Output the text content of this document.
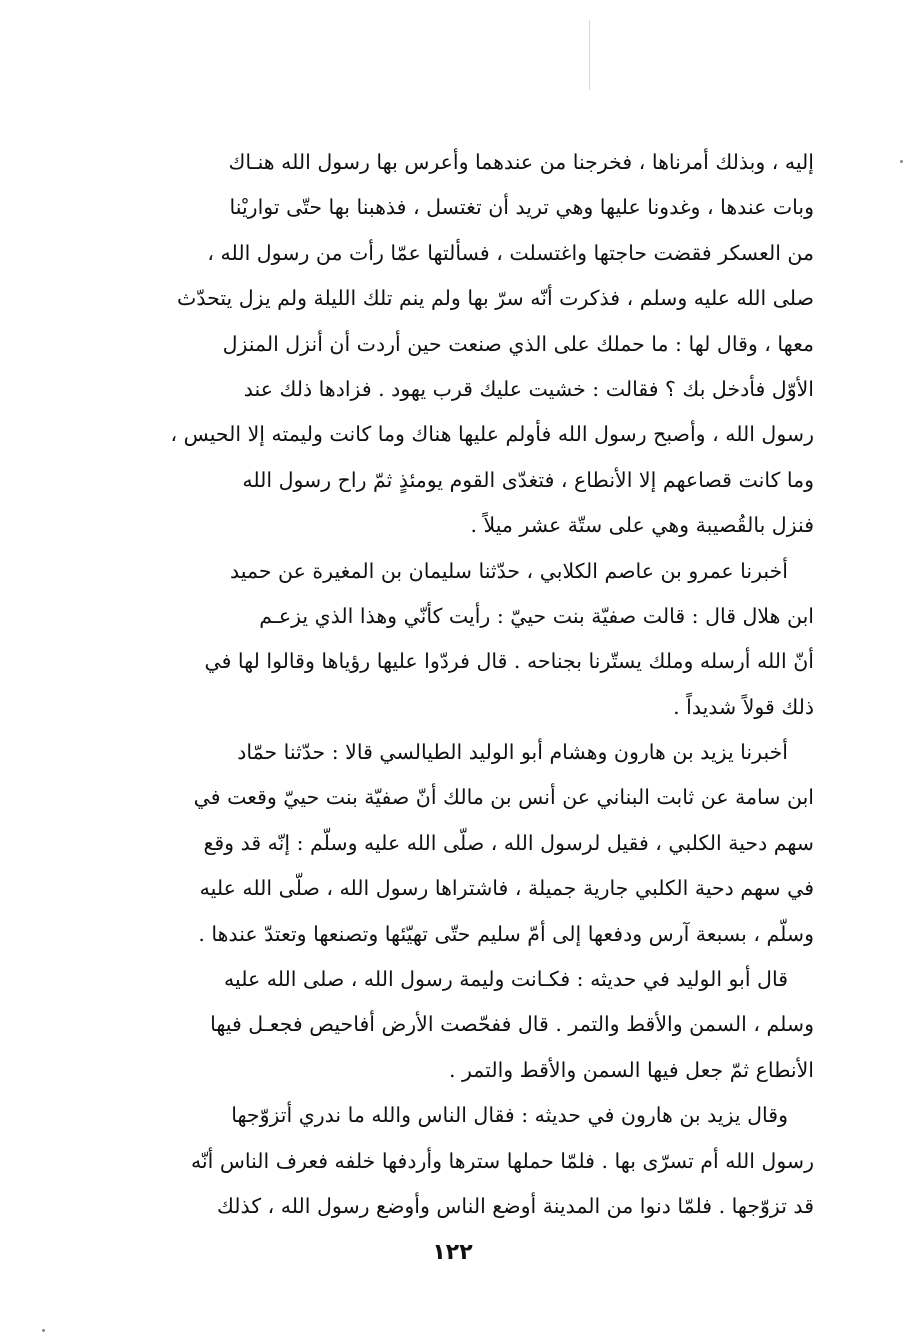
إليه ، وبذلك أمرناها ، فخرجنا من عندهما وأعرس بها رسول الله هنـاك
وبات عندها ، وغدونا عليها وهي تريد أن تغتسل ، فذهبنا بها حتّى تواريْنا
من العسكر فقضت حاجتها واغتسلت ، فسألتها عمّا رأت من رسول الله ،
صلى الله عليه وسلم ، فذكرت أنّه سرّ بها ولم ينم تلك الليلة ولم يزل يتحدّث
معها ، وقال لها : ما حملك على الذي صنعت حين أردت أن أنزل المنزل
الأوّل فأدخل بك ؟ فقالت : خشيت عليك قرب يهود . فزادها ذلك عند
رسول الله ، وأصبح رسول الله فأولم عليها هناك وما كانت وليمته إلا الحيس ،
وما كانت قصاعهم إلا الأنطاع ، فتغدّى القوم يومئذٍ ثمّ راح رسول الله
فنزل بالقُصيبة وهي على ستّة عشر ميلاً .
أخبرنا عمرو بن عاصم الكلابي ، حدّثنا سليمان بن المغيرة عن حميد
ابن هلال قال : قالت صفيّة بنت حييّ : رأيت كأنّي وهذا الذي يزعـم
أنّ الله أرسله وملك يستّرنا بجناحه . قال فردّوا عليها رؤياها وقالوا لها في
ذلك قولاً شديداً .
أخبرنا يزيد بن هارون وهشام أبو الوليد الطيالسي قالا : حدّثنا حمّاد
ابن سامة عن ثابت البناني عن أنس بن مالك أنّ صفيّة بنت حييّ وقعت في
سهم دحية الكلبي ، فقيل لرسول الله ، صلّى الله عليه وسلّم : إنّه قد وقع
في سهم دحية الكلبي جارية جميلة ، فاشتراها رسول الله ، صلّى الله عليه
وسلّم ، بسبعة آرس ودفعها إلى أمّ سليم حتّى تهيّئها وتصنعها وتعتدّ عندها .
قال أبو الوليد في حديثه : فكـانت وليمة رسول الله ، صلى الله عليه
وسلم ، السمن والأقط والتمر . قال ففحّصت الأرض أفاحيص فجعـل فيها
الأنطاع ثمّ جعل فيها السمن والأقط والتمر .
وقال يزيد بن هارون في حديثه : فقال الناس والله ما ندري أتزوّجها
رسول الله أم تسرّى بها . فلمّا حملها سترها وأردفها خلفه فعرف الناس أنّه
قد تزوّجها . فلمّا دنوا من المدينة أوضع الناس وأوضع رسول الله ، كذلك
١٢٢
